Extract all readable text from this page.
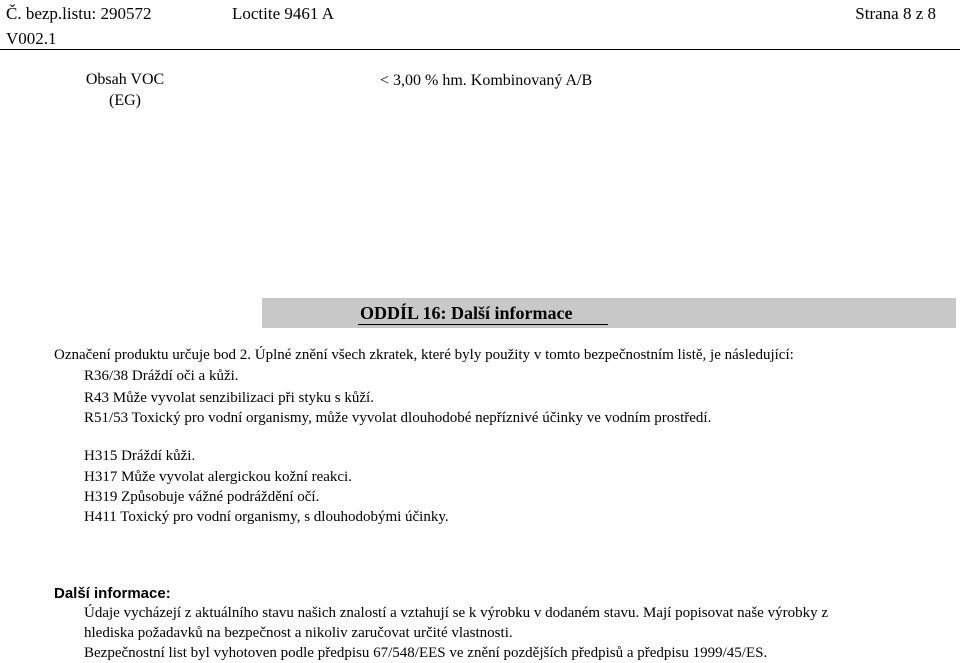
Č. bezp.listu: 290572	Loctite 9461 A	Strana 8 z 8
V002.1
Obsah VOC
(EG)
< 3,00 % hm. Kombinovaný A/B
ODDÍL 16: Další informace
Označení produktu určuje bod 2. Úplné znění všech zkratek, které byly použity v tomto bezpečnostním listě, je následující:
R36/38 Dráždí oči a kůži.
R43 Může vyvolat senzibilizaci při styku s kůží.
R51/53 Toxický pro vodní organismy, může vyvolat dlouhodobé nepříznivé účinky ve vodním prostředí.
H315 Dráždí kůži.
H317 Může vyvolat alergickou kožní reakci.
H319 Způsobuje vážné podráždění očí.
H411 Toxický pro vodní organismy, s dlouhodobými účinky.
Další informace:
Údaje vycházejí z aktuálního stavu našich znalostí a vztahují se k výrobku v dodaném stavu. Mají popisovat naše výrobky z
hlediska požadavků na bezpečnost a nikoliv zaručovat určité vlastnosti.
Bezpečnostní list byl vyhotoven podle předpisu 67/548/EES ve znění pozdějších předpisů a předpisu 1999/45/ES.
